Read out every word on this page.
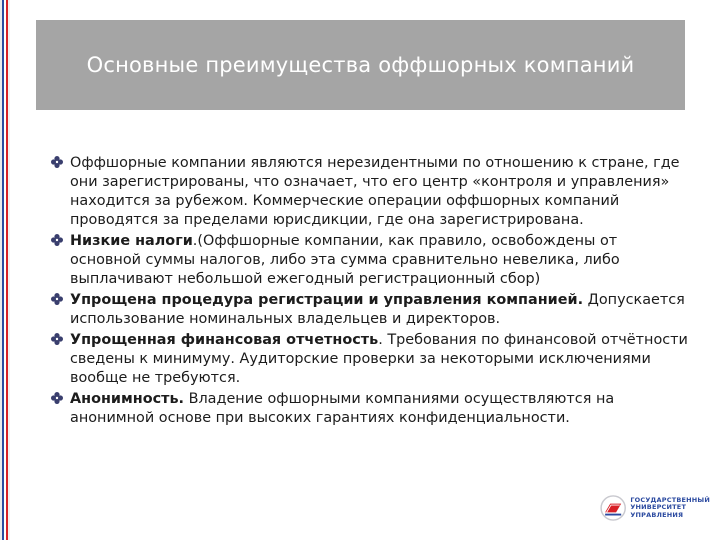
Основные преимущества оффшорных компаний
Оффшорные компании являются нерезидентными по отношению к стране, где они зарегистрированы, что означает, что его центр «контроля и управления» находится за рубежом. Коммерческие операции оффшорных компаний проводятся за пределами юрисдикции, где она зарегистрирована.
Низкие налоги.(Оффшорные компании, как правило, освобождены от основной суммы налогов, либо эта сумма сравнительно невелика, либо выплачивают небольшой ежегодный регистрационный сбор)
Упрощена процедура регистрации и управления компанией. Допускается использование номинальных владельцев и директоров.
Упрощенная финансовая отчетность. Требования по финансовой отчётности сведены к минимуму. Аудиторские проверки за некоторыми исключениями вообще не требуются.
Анонимность. Владение офшорными компаниями осуществляются на анонимной основе при высоких гарантиях конфиденциальности.
ГОСУДАРСТВЕННЫЙ
УНИВЕРСИТЕТ
УПРАВЛЕНИЯ
